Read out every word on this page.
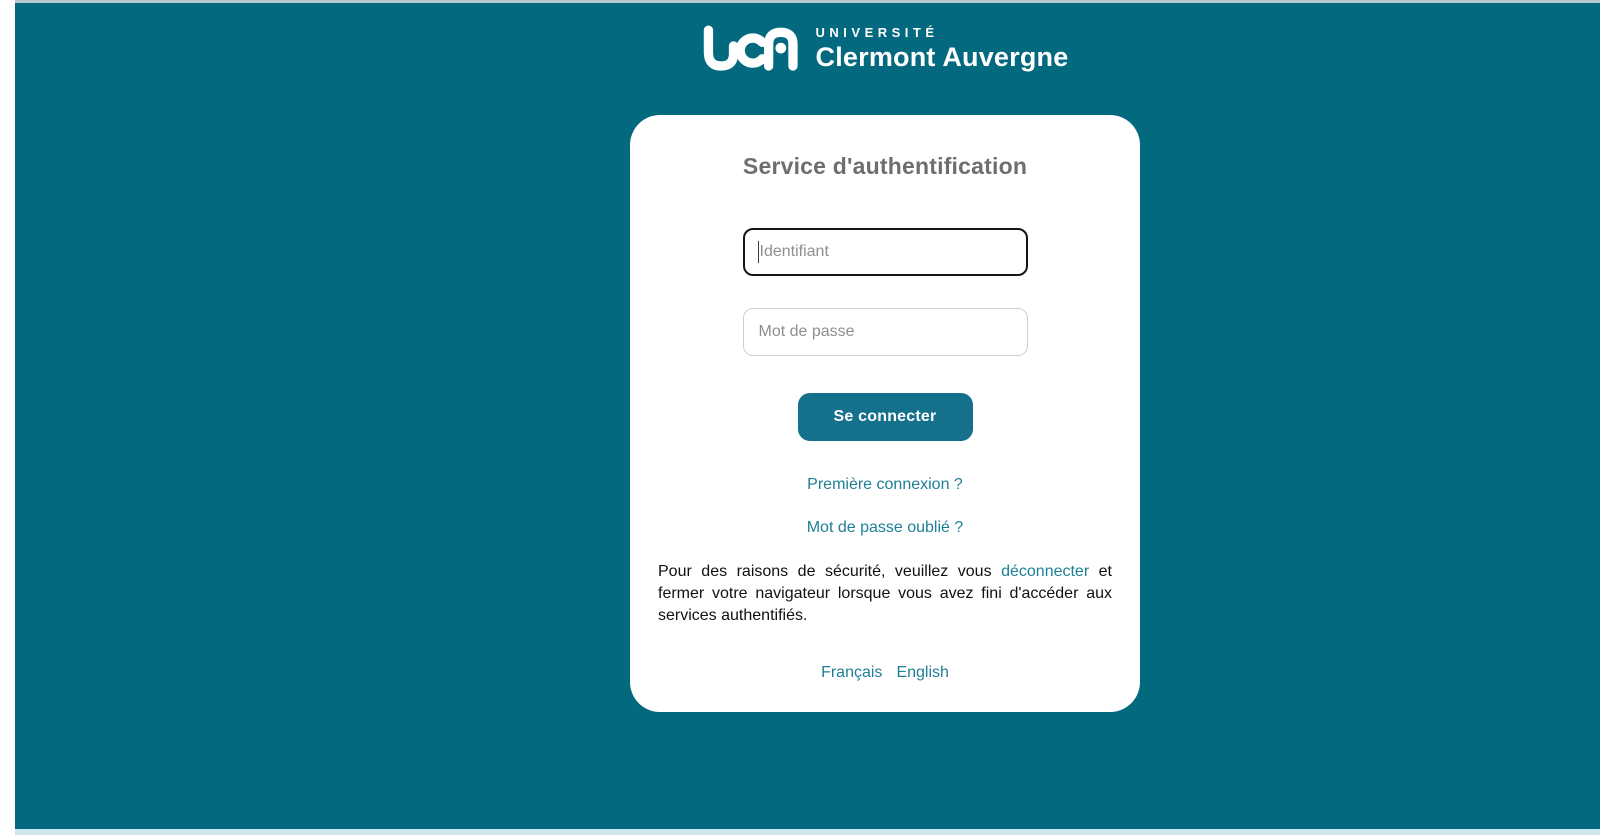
UNIVERSITÉ
Clermont Auvergne
Service d'authentification
Identifiant
Se connecter
Première connexion ?
Mot de passe oublié ?

Pour des raisons de sécurité, veuillez vous déconnecter et fermer votre navigateur lorsque vous avez fini d'accéder aux services authentifiés.

Français English
